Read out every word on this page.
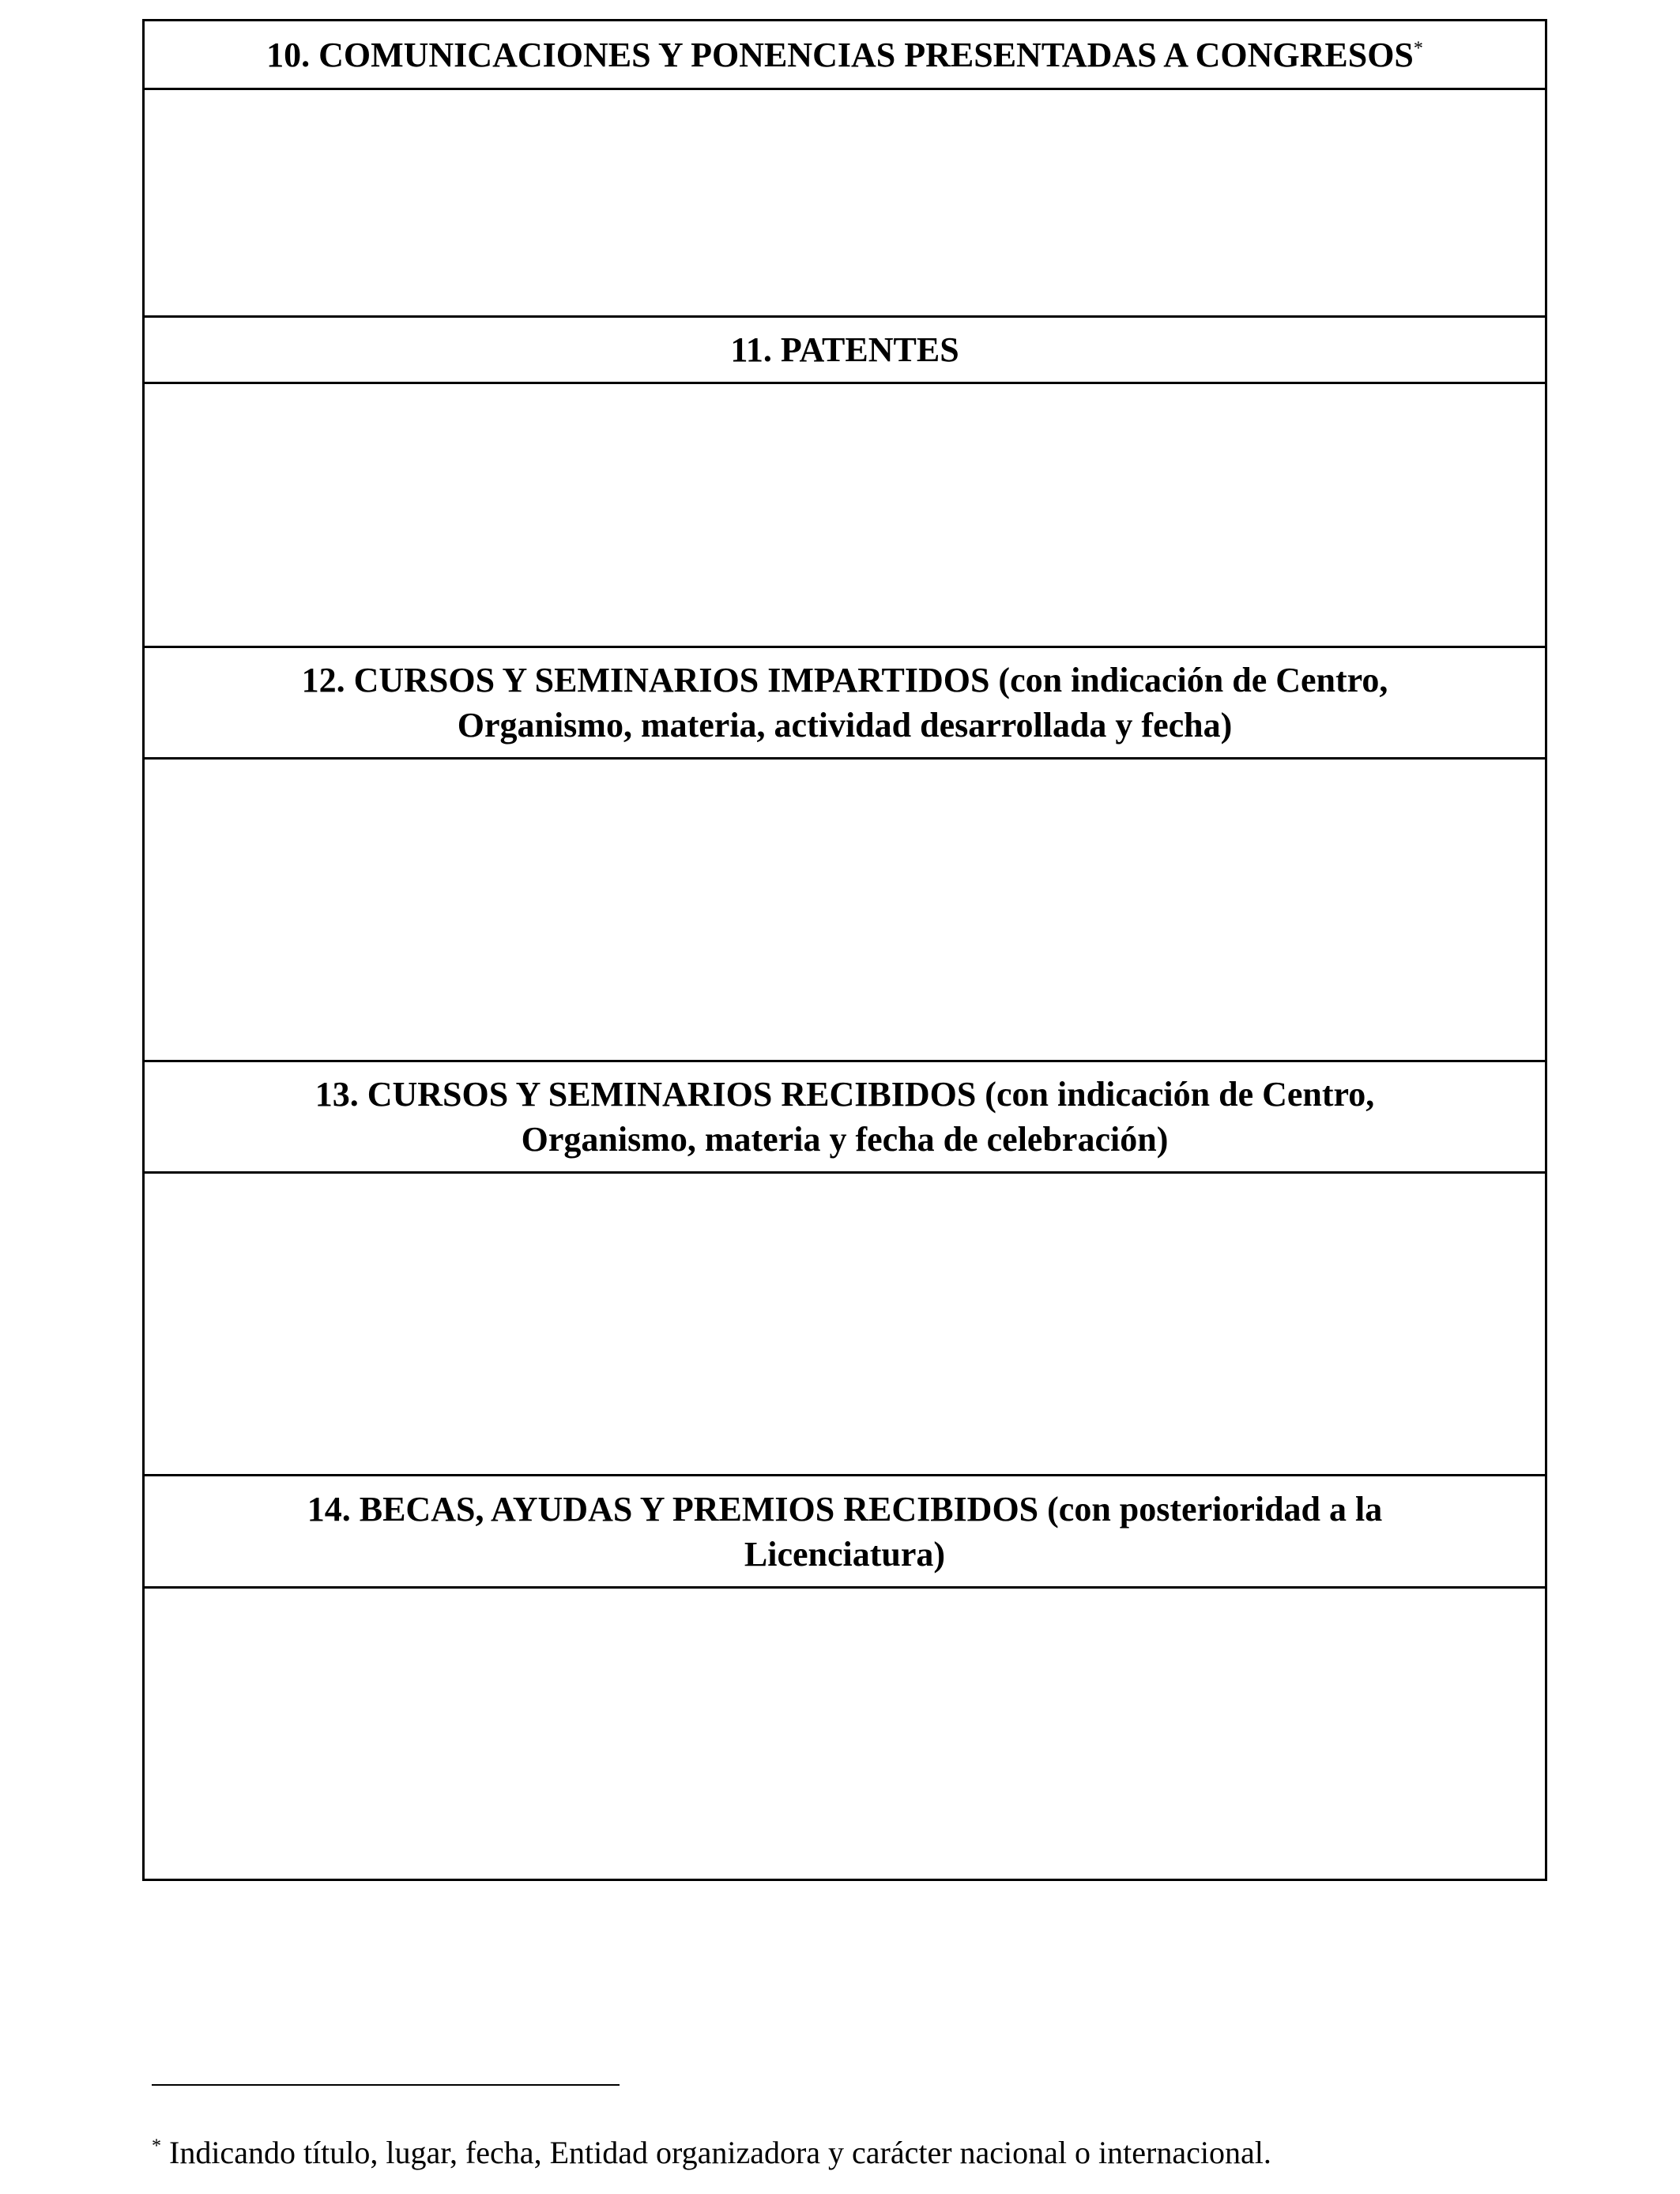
10. COMUNICACIONES Y PONENCIAS PRESENTADAS A CONGRESOS*
11. PATENTES
12. CURSOS Y SEMINARIOS IMPARTIDOS (con indicación de Centro, Organismo, materia, actividad desarrollada y fecha)
13. CURSOS Y SEMINARIOS RECIBIDOS (con indicación de Centro, Organismo, materia y fecha de celebración)
14. BECAS, AYUDAS Y PREMIOS RECIBIDOS (con posterioridad a la Licenciatura)
* Indicando título, lugar, fecha, Entidad organizadora y carácter nacional o internacional.
